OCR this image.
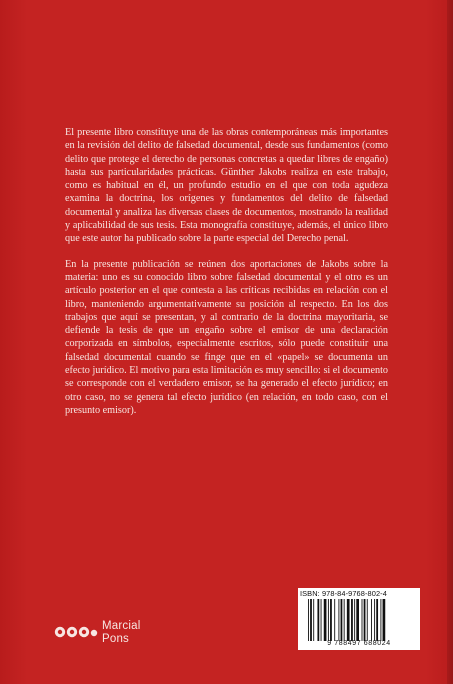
El presente libro constituye una de las obras contemporáneas más importantes en la revisión del delito de falsedad documental, desde sus fundamentos (como delito que protege el derecho de personas concretas a quedar libres de engaño) hasta sus particularidades prácticas. Günther Jakobs realiza en este trabajo, como es habitual en él, un profundo estudio en el que con toda agudeza examina la doctrina, los orígenes y fundamentos del delito de falsedad documental y analiza las diversas clases de documentos, mostrando la realidad y aplicabilidad de sus tesis. Esta monografía constituye, además, el único libro que este autor ha publicado sobre la parte especial del Derecho penal.

En la presente publicación se reúnen dos aportaciones de Jakobs sobre la materia: uno es su conocido libro sobre falsedad documental y el otro es un artículo posterior en el que contesta a las críticas recibidas en relación con el libro, manteniendo argumentativamente su posición al respecto. En los dos trabajos que aquí se presentan, y al contrario de la doctrina mayoritaria, se defiende la tesis de que un engaño sobre el emisor de una declaración corporizada en símbolos, especialmente escritos, sólo puede constituir una falsedad documental cuando se finge que en el «papel» se documenta un efecto jurídico. El motivo para esta limitación es muy sencillo: si el documento se corresponde con el verdadero emisor, se ha generado el efecto jurídico; en otro caso, no se genera tal efecto jurídico (en relación, en todo caso, con el presunto emisor).

ISBN: 978-84-9768-802-4
9 788497 688024
Marcial
Pons
